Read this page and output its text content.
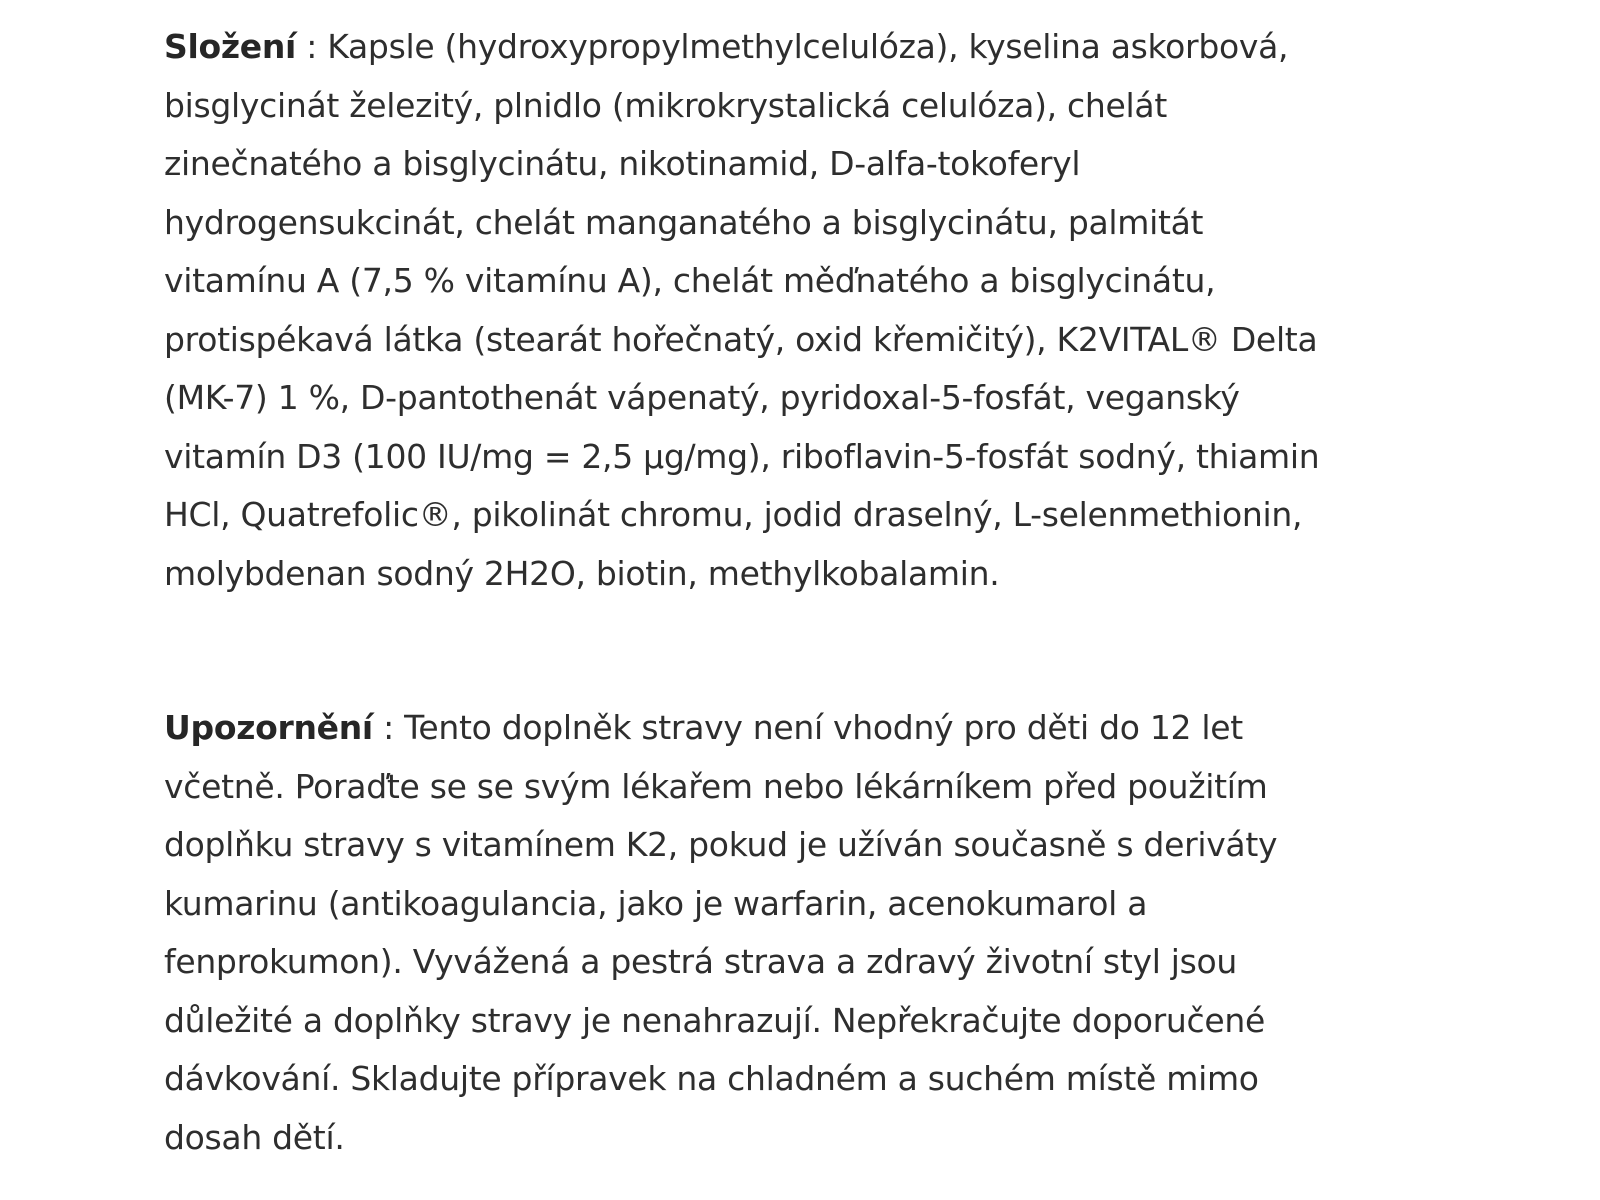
Složení : Kapsle (hydroxypropylmethylcelulóza), kyselina askorbová,
bisglycinát železitý, plnidlo (mikrokrystalická celulóza), chelát
zinečnatého a bisglycinátu, nikotinamid, D-alfa-tokoferyl
hydrogensukcinát, chelát manganatého a bisglycinátu, palmitát
vitamínu A (7,5 % vitamínu A), chelát měďnatého a bisglycinátu,
protispékavá látka (stearát hořečnatý, oxid křemičitý), K2VITAL® Delta
(MK-7) 1 %, D-pantothenát vápenatý, pyridoxal-5-fosfát, veganský
vitamín D3 (100 IU/mg = 2,5 µg/mg), riboflavin-5-fosfát sodný, thiamin
HCl, Quatrefolic®, pikolinát chromu, jodid draselný, L-selenmethionin,
molybdenan sodný 2H2O, biotin, methylkobalamin.
Upozornění : Tento doplněk stravy není vhodný pro děti do 12 let
včetně. Poraďte se se svým lékařem nebo lékárníkem před použitím
doplňku stravy s vitamínem K2, pokud je užíván současně s deriváty
kumarinu (antikoagulancia, jako je warfarin, acenokumarol a
fenprokumon). Vyvážená a pestrá strava a zdravý životní styl jsou
důležité a doplňky stravy je nenahrazují. Nepřekračujte doporučené
dávkování. Skladujte přípravek na chladném a suchém místě mimo
dosah dětí.
